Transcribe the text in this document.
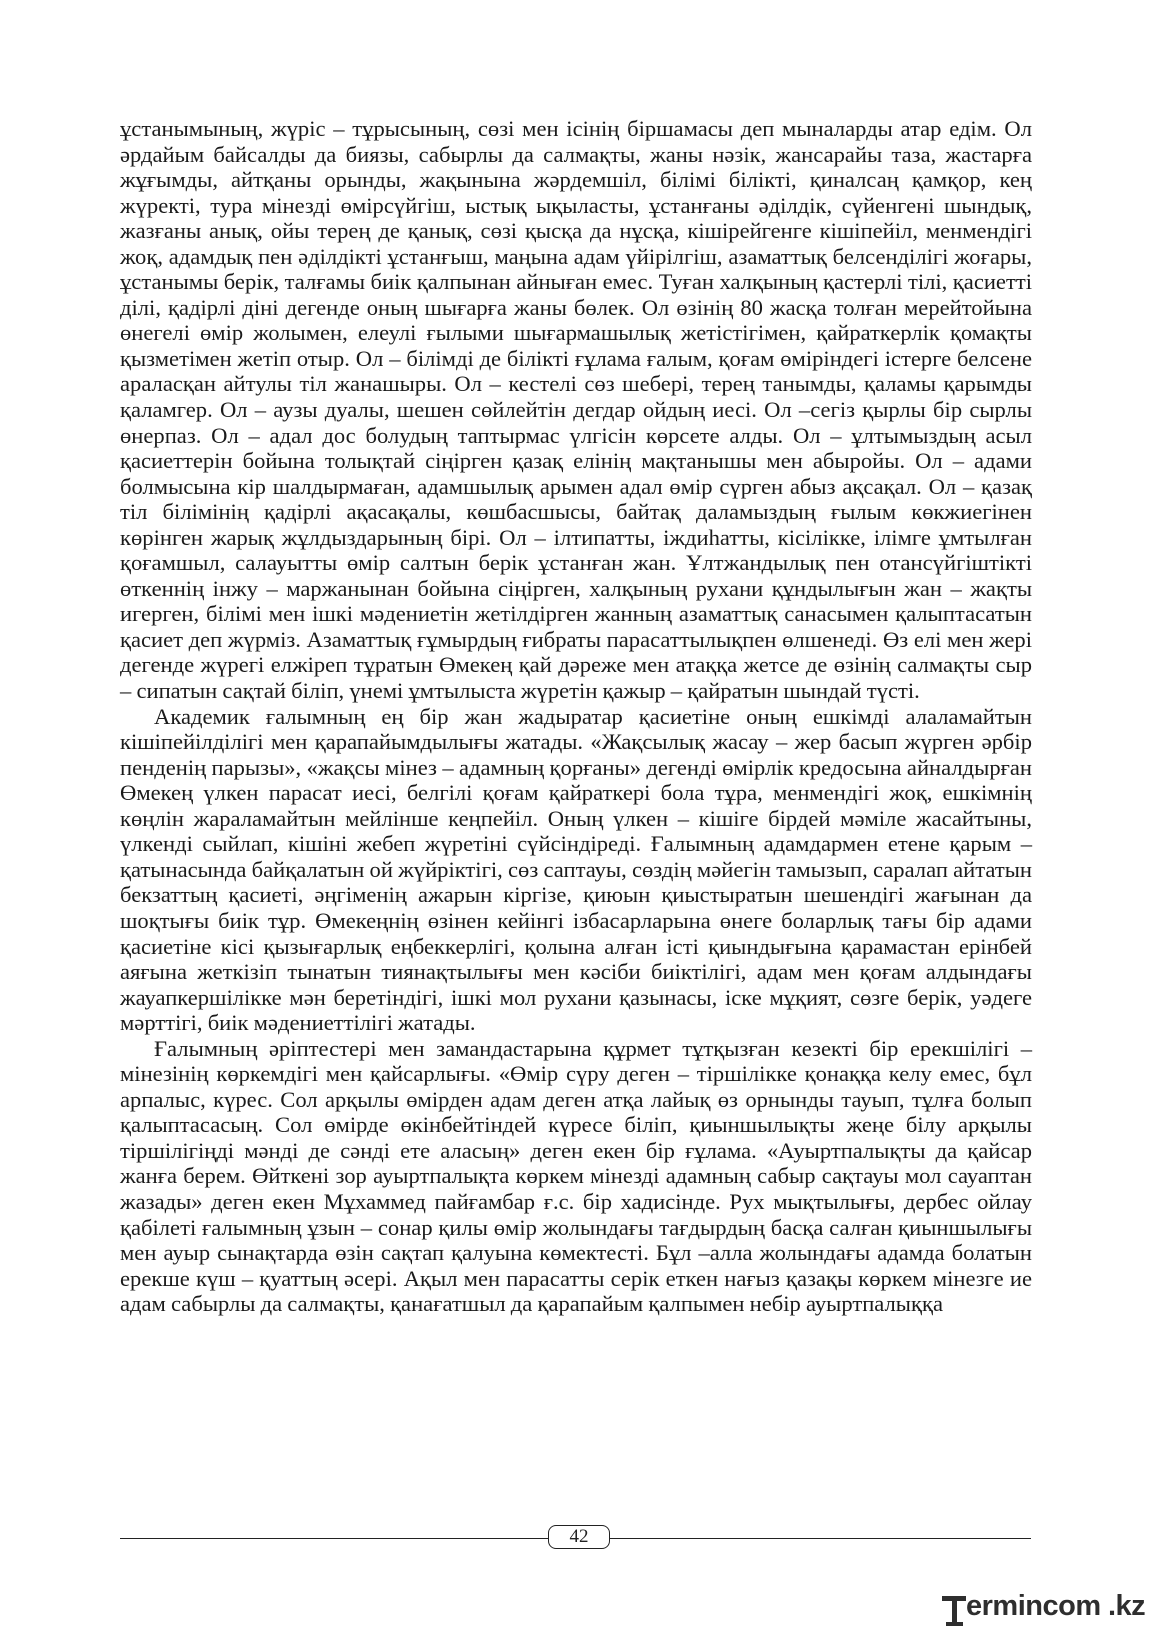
ұстанымының, жүріс – тұрысының, сөзі мен ісінің біршамасы деп мыналарды атар едім. Ол әрдайым байсалды да биязы, сабырлы да салмақты, жаны нәзік, жансарайы таза, жастарға жұғымды, айтқаны орынды, жақынына жәрдемшіл, білімі білікті, қиналсаң қамқор, кең жүректі, тура мінезді өмірсүйгіш, ыстық ықыласты, ұстанғаны әділдік, сүйенгені шындық, жазғаны анық, ойы терең де қанық, сөзі қысқа да нұсқа, кішірейгенге кішіпейіл, менмендігі жоқ, адамдық пен әділдікті ұстанғыш, маңына адам үйірілгіш, азаматтық белсенділігі жоғары, ұстанымы берік, талғамы биік қалпынан айныған емес. Туған халқының қастерлі тілі, қасиетті ділі, қадірлі діні дегенде оның шығарға жаны бөлек. Ол өзінің 80 жасқа толған мерейтойына өнегелі өмір жолымен, елеулі ғылыми шығармашылық жетістігімен, қайраткерлік қомақты қызметімен жетіп отыр. Ол – білімді де білікті ғұлама ғалым, қоғам өміріндегі істерге белсене араласқан айтулы тіл жанашыры. Ол – кестелі сөз шебері, терең танымды, қаламы қарымды қаламгер. Ол – аузы дуалы, шешен сөйлейтін дегдар ойдың иесі. Ол –сегіз қырлы бір сырлы өнерпаз. Ол – адал дос болудың таптырмас үлгісін көрсете алды. Ол – ұлтымыздың асыл қасиеттерін бойына толықтай сіңірген қазақ елінің мақтанышы мен абыройы. Ол – адами болмысына кір шалдырмаған, адамшылық арымен адал өмір сүрген абыз ақсақал. Ол – қазақ тіл білімінің қадірлі ақасақалы, көшбасшысы, байтақ даламыздың ғылым көкжиегінен көрінген жарық жұлдыздарының бірі. Ол – ілтипатты, іждиһатты, кісілікке, ілімге ұмтылған қоғамшыл, салауытты өмір салтын берік ұстанған жан. Ұлтжандылық пен отансүйгіштікті өткеннің інжу – маржанынан бойына сіңірген, халқының рухани құндылығын жан – жақты игерген, білімі мен ішкі мәдениетін жетілдірген жанның азаматтық санасымен қалыптасатын қасиет деп жүрміз. Азаматтық ғұмырдың ғибраты парасаттылықпен өлшенеді. Өз елі мен жері дегенде жүрегі елжіреп тұратын Өмекең қай дәреже мен атаққа жетсе де өзінің салмақты сыр – сипатын сақтай біліп, үнемі ұмтылыста жүретін қажыр – қайратын шындай түсті.

Академик ғалымның ең бір жан жадыратар қасиетіне оның ешкімді алаламайтын кішіпейілділігі мен қарапайымдылығы жатады. «Жақсылық жасау – жер басып жүрген әрбір пенденің парызы», «жақсы мінез – адамның қорғаны» дегенді өмірлік кредосына айналдырған Өмекең үлкен парасат иесі, белгілі қоғам қайраткері бола тұра, менмендігі жоқ, ешкімнің көңлін жараламайтын мейлінше кеңпейіл. Оның үлкен – кішіге бірдей мәміле жасайтыны, үлкенді сыйлап, кішіні жебеп жүретіні сүйсіндіреді. Ғалымның адамдармен етене қарым – қатынасында байқалатын ой жүйріктігі, сөз саптауы, сөздің мәйегін тамызып, саралап айтатын бекзаттың қасиеті, әңгіменің ажарын кіргізе, қиюын қиыстыратын шешендігі жағынан да шоқтығы биік тұр. Өмекеңнің өзінен кейінгі ізбасарларына өнеге боларлық тағы бір адами қасиетіне кісі қызығарлық еңбеккерлігі, қолына алған істі қиындығына қарамастан ерінбей аяғына жеткізіп тынатын тиянақтылығы мен кәсіби биіктілігі, адам мен қоғам алдындағы жауапкершілікке мән беретіндігі, ішкі мол рухани қазынасы, іске мұқият, сөзге берік, уәдеге мәрттігі, биік мәдениеттілігі жатады.

Ғалымның әріптестері мен замандастарына құрмет тұтқызған кезекті бір ерекшілігі – мінезінің көркемдігі мен қайсарлығы. «Өмір сүру деген – тіршілікке қонаққа келу емес, бұл арпалыс, күрес. Сол арқылы өмірден адам деген атқа лайық өз орнынды тауып, тұлға болып қалыптасасың. Сол өмірде өкінбейтіндей күресе біліп, қиыншылықты жеңе білу арқылы тіршілігіңді мәнді де сәнді ете аласың» деген екен бір ғұлама. «Ауыртпалықты да қайсар жанға берем. Өйткені зор ауыртпалықта көркем мінезді адамның сабыр сақтауы мол сауаптан жазады» деген екен Мұхаммед пайғамбар ғ.с. бір хадисінде. Рух мықтылығы, дербес ойлау қабілеті ғалымның ұзын – сонар қилы өмір жолындағы тағдырдың басқа салған қиыншылығы мен ауыр сынақтарда өзін сақтап қалуына көмектесті. Бұл –алла жолындағы адамда болатын ерекше күш – қуаттың әсері. Ақыл мен парасатты серік еткен нағыз қазақы көркем мінезге ие адам сабырлы да салмақты, қанағатшыл да қарапайым қалпымен небір ауыртпалыққа

42
ermincom .kz
